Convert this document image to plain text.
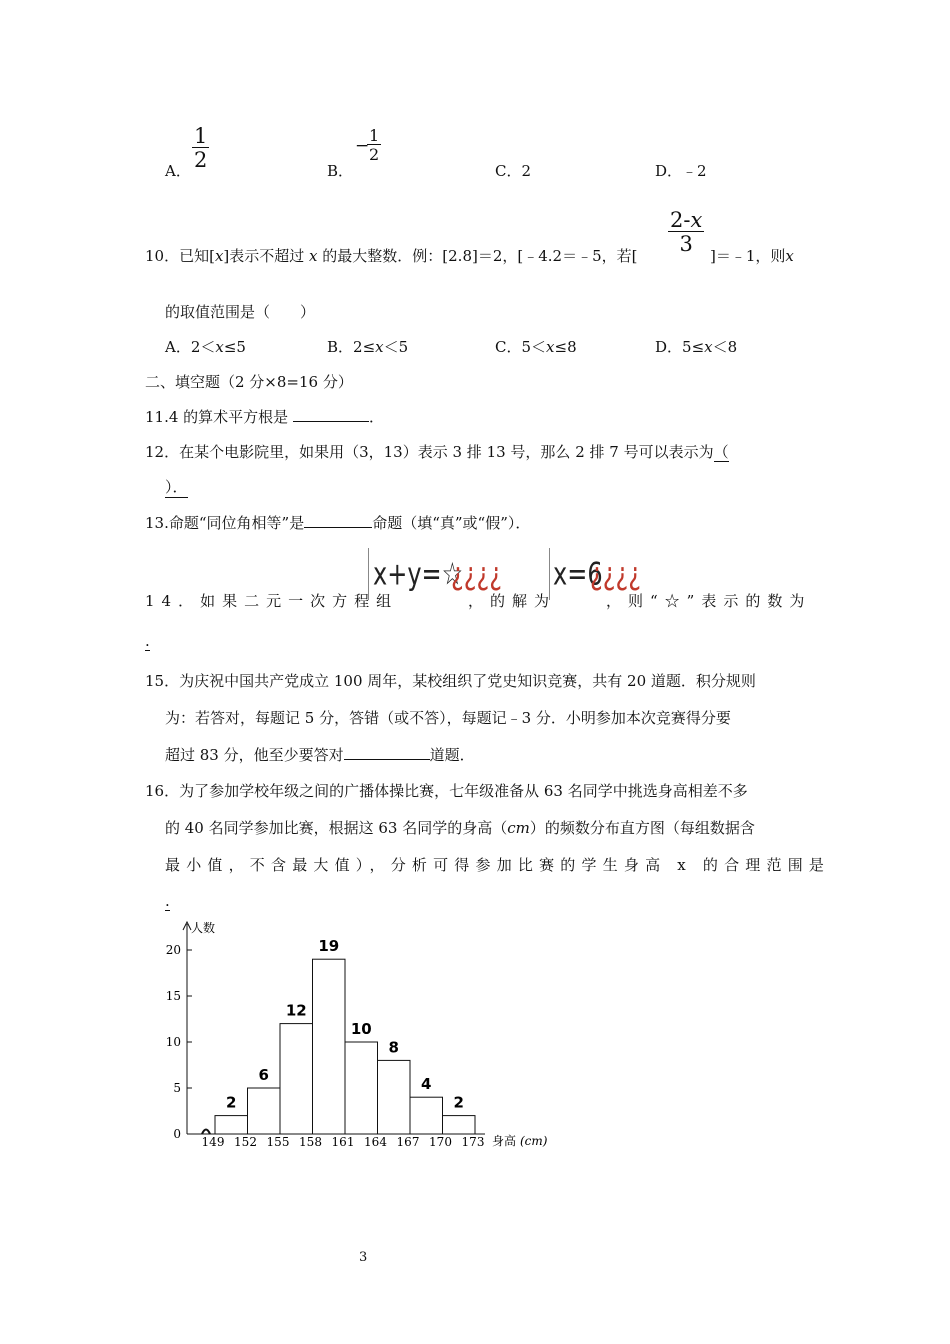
A． $\frac{1}{2}$	B．
−
$\frac{1}{2}$
C．2	D．﹣2
10．已知[x]表示不超过 x 的最大整数．例：[2.8]＝2，[﹣4.2＝﹣5，若[
$\frac{2-x}{3}$
]＝﹣1，则x
的取值范围是（　　）
A．2＜x≤5	B．2≤x＜5	C．5＜x≤8	D．5≤x＜8
二、填空题（2 分×8=16 分）
11.4 的算术平方根是	．
12．在某个电影院里，如果用（3，13）表示 3 排 13 号，那么 2 排 7 号可以表示为（
）．
13.命题“同位角相等”是	命题（填“真”或“假”）．
14．如果二元一次方程组
x+y=☆
¿¿¿¿
，的解为
x=6
¿¿¿¿
，则“☆”表示的数为
.
15．为庆祝中国共产党成立 100 周年，某校组织了党史知识竞赛，共有 20 道题．积分规则
为：若答对，每题记 5 分，答错（或不答），每题记﹣3 分．小明参加本次竞赛得分要
超过 83 分，他至少要答对	道题．
16．为了参加学校年级之间的广播体操比赛，七年级准备从 63 名同学中挑选身高相差不多
的 40 名同学参加比赛，根据这 63 名同学的身高（cm）的频数分布直方图（每组数据含
最小值，不含最大值），分析可得参加比赛的学生身高 x 的合理范围是
.
0
5
10
15
20
人数
2
6
12
19
10
8
4
2
149 152 155 158 161 164 167 170 173 身高 (cm)
3
